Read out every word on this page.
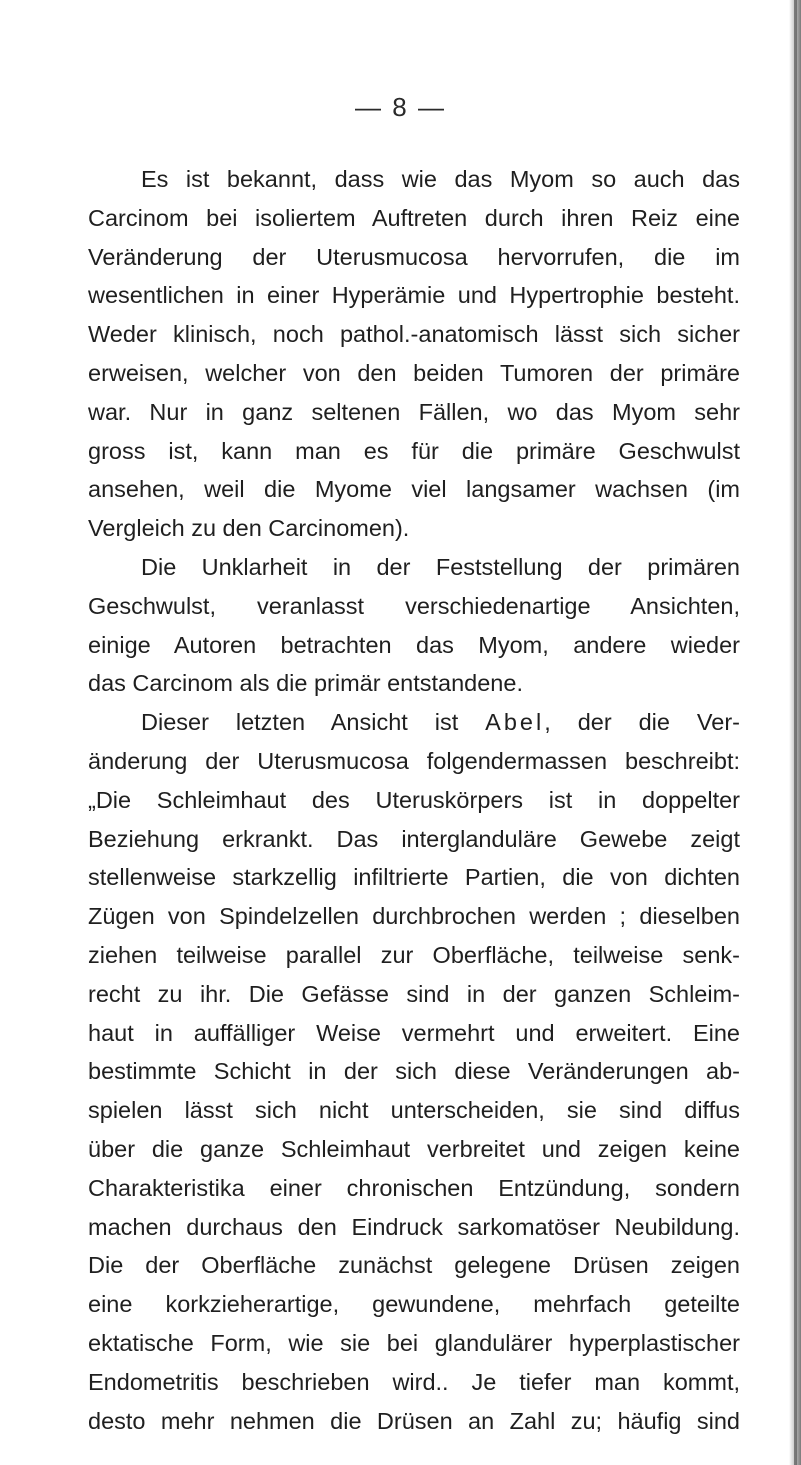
— 8 —
Es ist bekannt, dass wie das Myom so auch das
Carcinom bei isoliertem Auftreten durch ihren Reiz eine
Veränderung der Uterusmucosa hervorrufen, die im
wesentlichen in einer Hyperämie und Hypertrophie besteht.
Weder klinisch, noch pathol.-anatomisch lässt sich sicher
erweisen, welcher von den beiden Tumoren der primäre
war. Nur in ganz seltenen Fällen, wo das Myom sehr
gross ist, kann man es für die primäre Geschwulst
ansehen, weil die Myome viel langsamer wachsen (im
Vergleich zu den Carcinomen).
Die Unklarheit in der Feststellung der primären
Geschwulst, veranlasst verschiedenartige Ansichten,
einige Autoren betrachten das Myom, andere wieder
das Carcinom als die primär entstandene.
Dieser letzten Ansicht ist Abel, der die Ver-
änderung der Uterusmucosa folgendermassen beschreibt:
„Die Schleimhaut des Uteruskörpers ist in doppelter
Beziehung erkrankt. Das interglanduläre Gewebe zeigt
stellenweise starkzellig infiltrierte Partien, die von dichten
Zügen von Spindelzellen durchbrochen werden ; dieselben
ziehen teilweise parallel zur Oberfläche, teilweise senk-
recht zu ihr. Die Gefässe sind in der ganzen Schleim-
haut in auffälliger Weise vermehrt und erweitert. Eine
bestimmte Schicht in der sich diese Veränderungen ab-
spielen lässt sich nicht unterscheiden, sie sind diffus
über die ganze Schleimhaut verbreitet und zeigen keine
Charakteristika einer chronischen Entzündung, sondern
machen durchaus den Eindruck sarkomatöser Neubildung.
Die der Oberfläche zunächst gelegene Drüsen zeigen
eine korkzieherartige, gewundene, mehrfach geteilte
ektatische Form, wie sie bei glandulärer hyperplastischer
Endometritis beschrieben wird.. Je tiefer man kommt,
desto mehr nehmen die Drüsen an Zahl zu; häufig sind
